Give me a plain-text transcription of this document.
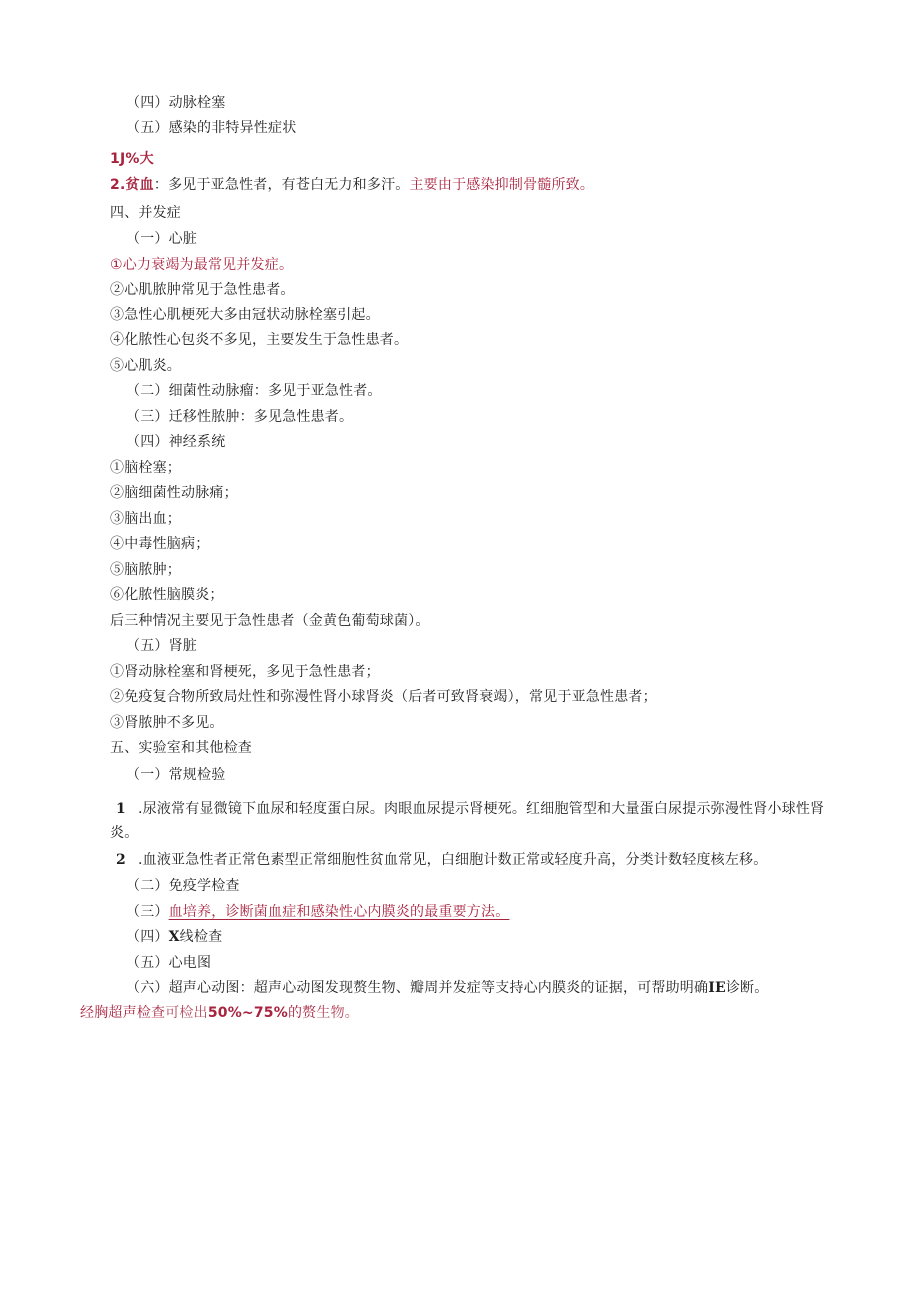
（四）动脉栓塞
（五）感染的非特异性症状
1J%大
2.贫血：多见于亚急性者，有苍白无力和多汗。主要由于感染抑制骨髓所致。
四、并发症
（一）心脏
①心力衰竭为最常见并发症。
②心肌脓肿常见于急性患者。
③急性心肌梗死大多由冠状动脉栓塞引起。
④化脓性心包炎不多见，主要发生于急性患者。
⑤心肌炎。
（二）细菌性动脉瘤：多见于亚急性者。
（三）迁移性脓肿：多见急性患者。
（四）神经系统
①脑栓塞；
②脑细菌性动脉痛；
③脑出血；
④中毒性脑病；
⑤脑脓肿；
⑥化脓性脑膜炎；
后三种情况主要见于急性患者（金黄色葡萄球菌）。
（五）肾脏
①肾动脉栓塞和肾梗死，多见于急性患者；
②免疫复合物所致局灶性和弥漫性肾小球肾炎（后者可致肾衰竭），常见于亚急性患者；
③肾脓肿不多见。
五、实验室和其他检查
（一）常规检验
1 .尿液常有显微镜下血尿和轻度蛋白尿。肉眼血尿提示肾梗死。红细胞管型和大量蛋白尿提示弥漫性肾小球性肾炎。
2 .血液亚急性者正常色素型正常细胞性贫血常见，白细胞计数正常或轻度升高，分类计数轻度核左移。
（二）免疫学检查
（三）血培养，诊断菌血症和感染性心内膜炎的最重要方法。
（四）X线检查
（五）心电图
（六）超声心动图：超声心动图发现赘生物、瓣周并发症等支持心内膜炎的证据，可帮助明确IE诊断。
经胸超声检查可检出50%~75%的赘生物。
